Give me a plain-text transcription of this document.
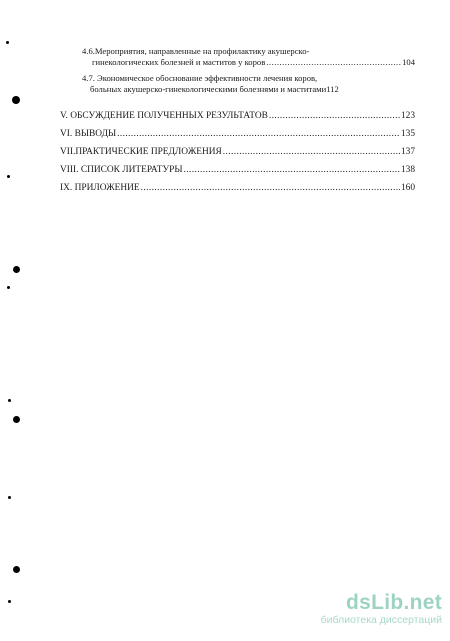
4.6.Мероприятия, направленные на профилактику акушерско-
гинекологических болезней и маститов у коров .....	104
4.7. Экономическое обоснование эффективности лечения коров,
больных акушерско-гинекологическими болезнями и маститами 112
V. ОБСУЖДЕНИЕ ПОЛУЧЕННЫХ РЕЗУЛЬТАТОВ .....	123
VI. ВЫВОДЫ .....	135
VII.ПРАКТИЧЕСКИЕ ПРЕДЛОЖЕНИЯ .....	137
VIII. СПИСОК ЛИТЕРАТУРЫ .....	138
IX. ПРИЛОЖЕНИЕ .....	160
dsLib.net
библиотека диссертаций
